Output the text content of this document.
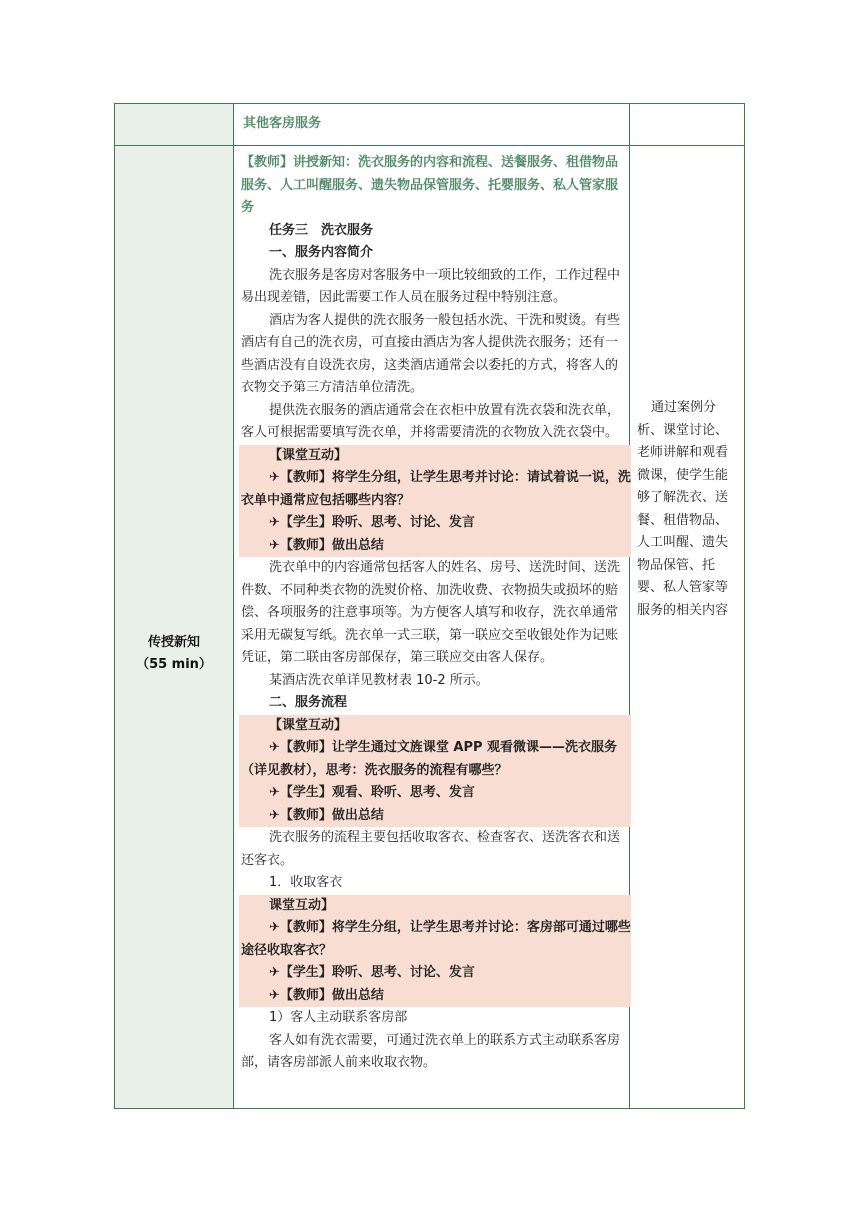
其他客房服务
传授新知
（55 min）

【教师】讲授新知：洗衣服务的内容和流程、送餐服务、租借物品服务、人工叫醒服务、遗失物品保管服务、托婴服务、私人管家服务

任务三　洗衣服务

一、服务内容简介

洗衣服务是客房对客服务中一项比较细致的工作，工作过程中易出现差错，因此需要工作人员在服务过程中特别注意。

酒店为客人提供的洗衣服务一般包括水洗、干洗和熨烫。有些酒店有自己的洗衣房，可直接由酒店为客人提供洗衣服务；还有一些酒店没有自设洗衣房，这类酒店通常会以委托的方式，将客人的衣物交予第三方清洁单位清洗。

提供洗衣服务的酒店通常会在衣柜中放置有洗衣袋和洗衣单，客人可根据需要填写洗衣单，并将需要清洗的衣物放入洗衣袋中。

【课堂互动】

✈【教师】将学生分组，让学生思考并讨论：请试着说一说，洗衣单中通常应包括哪些内容？

✈【学生】聆听、思考、讨论、发言

✈【教师】做出总结

洗衣单中的内容通常包括客人的姓名、房号、送洗时间、送洗件数、不同种类衣物的洗熨价格、加洗收费、衣物损失或损坏的赔偿、各项服务的注意事项等。为方便客人填写和收存，洗衣单通常采用无碳复写纸。洗衣单一式三联，第一联应交至收银处作为记账凭证，第二联由客房部保存，第三联应交由客人保存。

某酒店洗衣单详见教材表 10-2 所示。

二、服务流程

【课堂互动】

✈【教师】让学生通过文旌课堂 APP 观看微课——洗衣服务（详见教材），思考：洗衣服务的流程有哪些？

✈【学生】观看、聆听、思考、发言

✈【教师】做出总结

洗衣服务的流程主要包括收取客衣、检查客衣、送洗客衣和送还客衣。

1．收取客衣

课堂互动】

✈【教师】将学生分组，让学生思考并讨论：客房部可通过哪些途径收取客衣？

✈【学生】聆听、思考、讨论、发言

✈【教师】做出总结

1）客人主动联系客房部

客人如有洗衣需要，可通过洗衣单上的联系方式主动联系客房部，请客房部派人前来收取衣物。

通过案例分析、课堂讨论、老师讲解和观看微课，使学生能够了解洗衣、送餐、租借物品、人工叫醒、遗失物品保管、托婴、私人管家等服务的相关内容
